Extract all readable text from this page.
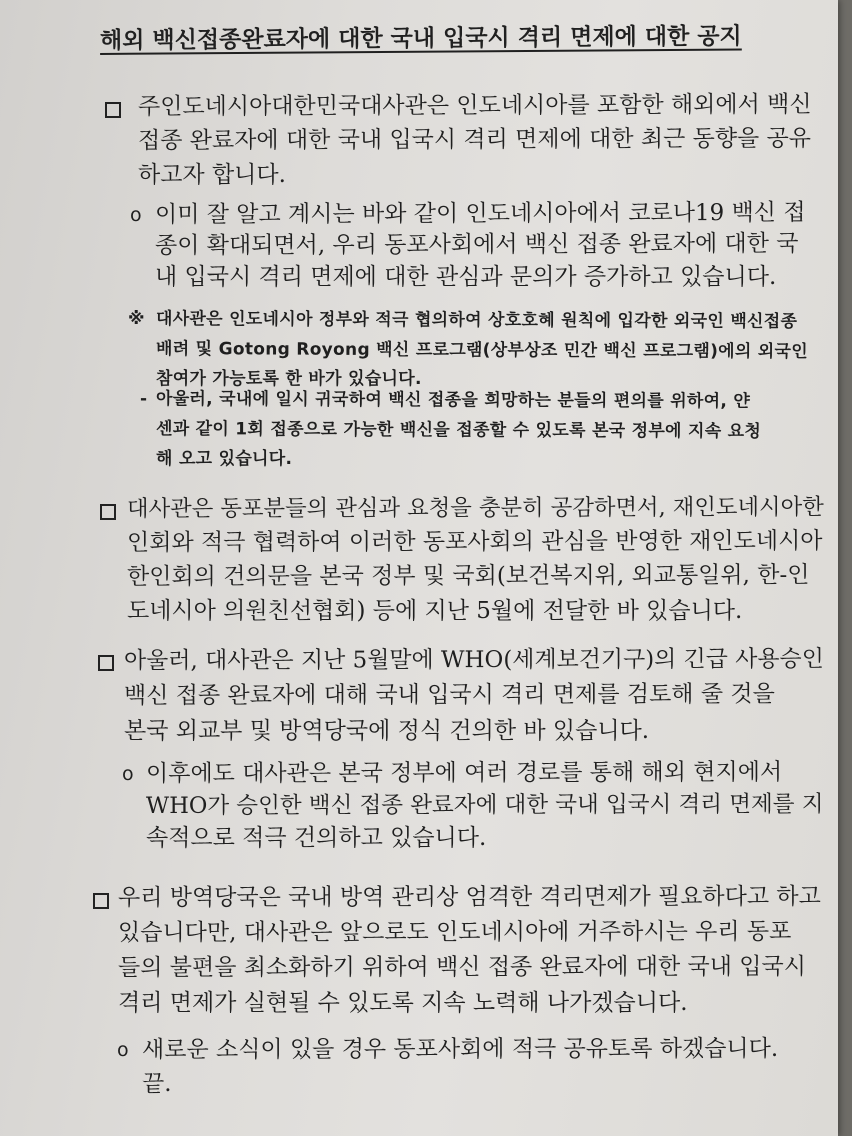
해외 백신접종완료자에 대한 국내 입국시 격리 면제에 대한 공지
주인도네시아대한민국대사관은 인도네시아를 포함한 해외에서 백신
접종 완료자에 대한 국내 입국시 격리 면제에 대한 최근 동향을 공유
하고자 합니다.
o 이미 잘 알고 계시는 바와 같이 인도네시아에서 코로나19 백신 접
종이 확대되면서, 우리 동포사회에서 백신 접종 완료자에 대한 국
내 입국시 격리 면제에 대한 관심과 문의가 증가하고 있습니다.
※ 대사관은 인도네시아 정부와 적극 협의하여 상호호혜 원칙에 입각한 외국인 백신접종
배려 및 Gotong Royong 백신 프로그램(상부상조 민간 백신 프로그램)에의 외국인
참여가 가능토록 한 바가 있습니다.
- 아울러, 국내에 일시 귀국하여 백신 접종을 희망하는 분들의 편의를 위하여, 얀
센과 같이 1회 접종으로 가능한 백신을 접종할 수 있도록 본국 정부에 지속 요청
해 오고 있습니다.
대사관은 동포분들의 관심과 요청을 충분히 공감하면서, 재인도네시아한
인회와 적극 협력하여 이러한 동포사회의 관심을 반영한 재인도네시아
한인회의 건의문을 본국 정부 및 국회(보건복지위, 외교통일위, 한-인
도네시아 의원친선협회) 등에 지난 5월에 전달한 바 있습니다.
아울러, 대사관은 지난 5월말에 WHO(세계보건기구)의 긴급 사용승인
백신 접종 완료자에 대해 국내 입국시 격리 면제를 검토해 줄 것을
본국 외교부 및 방역당국에 정식 건의한 바 있습니다.
o 이후에도 대사관은 본국 정부에 여러 경로를 통해 해외 현지에서
WHO가 승인한 백신 접종 완료자에 대한 국내 입국시 격리 면제를 지
속적으로 적극 건의하고 있습니다.
우리 방역당국은 국내 방역 관리상 엄격한 격리면제가 필요하다고 하고
있습니다만, 대사관은 앞으로도 인도네시아에 거주하시는 우리 동포
들의 불편을 최소화하기 위하여 백신 접종 완료자에 대한 국내 입국시
격리 면제가 실현될 수 있도록 지속 노력해 나가겠습니다.
o 새로운 소식이 있을 경우 동포사회에 적극 공유토록 하겠습니다.
끝.
